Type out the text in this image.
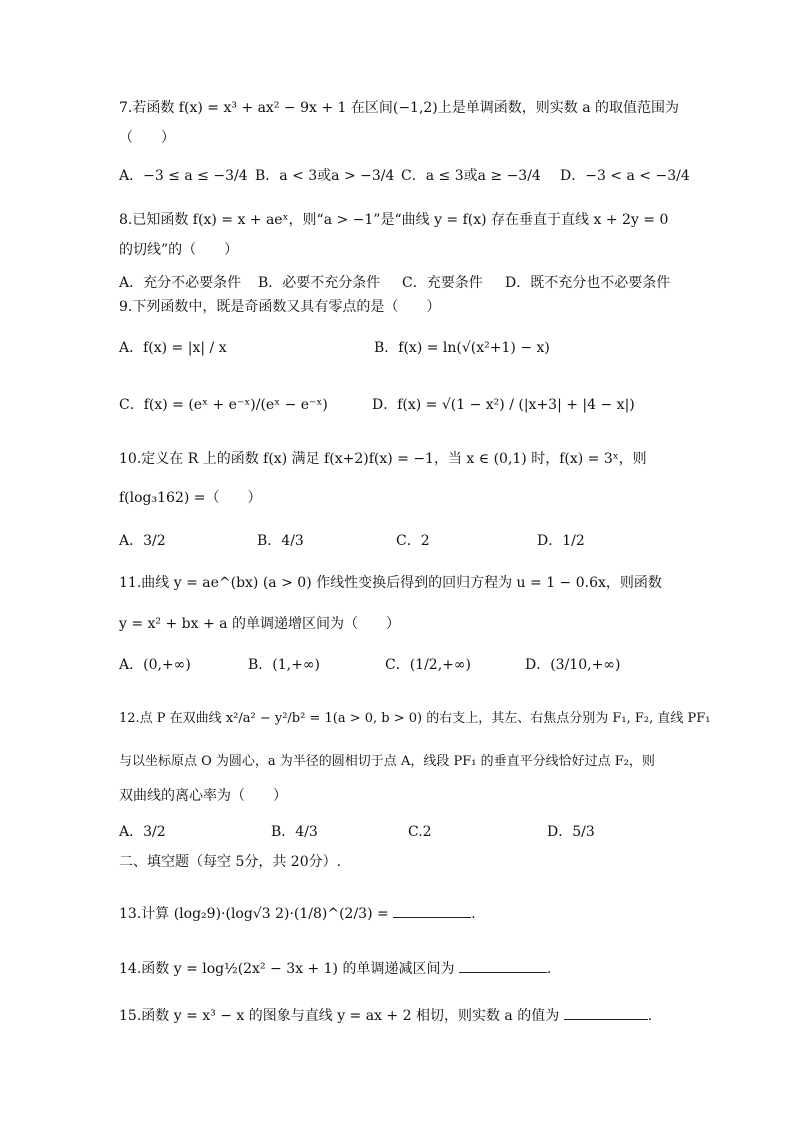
7.若函数 f(x) = x³ + ax² − 9x + 1 在区间(−1,2)上是单调函数，则实数 a 的取值范围为
（　　）
A．−3 ≤ a ≤ −3/4 B．a < 3或a > −3/4 C．a ≤ 3或a ≥ −3/4 D．−3 < a < −3/4
8.已知函数 f(x) = x + aeˣ，则“a > −1”是“曲线 y = f(x) 存在垂直于直线 x + 2y = 0
的切线”的（　　）
A．充分不必要条件 B．必要不充分条件 C．充要条件 D．既不充分也不必要条件
9.下列函数中，既是奇函数又具有零点的是（　　）
A．f(x) = |x| / x	B．f(x) = ln(√(x²+1) − x)
C．f(x) = (eˣ + e⁻ˣ)/(eˣ − e⁻ˣ)	D．f(x) = √(1 − x²) / (|x+3| + |4 − x|)
10.定义在 R 上的函数 f(x) 满足 f(x+2)f(x) = −1，当 x ∈ (0,1) 时，f(x) = 3ˣ，则
f(log₃162) =（　　）
A．3/2	B．4/3	C．2	D．1/2
11.曲线 y = ae^(bx) (a > 0) 作线性变换后得到的回归方程为 u = 1 − 0.6x，则函数
y = x² + bx + a 的单调递增区间为（　　）
A．(0,+∞)	B．(1,+∞)	C．(1/2,+∞)	D．(3/10,+∞)
12.点 P 在双曲线 x²/a² − y²/b² = 1(a > 0, b > 0) 的右支上，其左、右焦点分别为 F₁, F₂, 直线 PF₁
与以坐标原点 O 为圆心，a 为半径的圆相切于点 A，线段 PF₁ 的垂直平分线恰好过点 F₂，则
双曲线的离心率为（　　）
A．3/2	B．4/3	C.2	D．5/3
二、填空题（每空 5分，共 20分）.
13.计算 (log₂9)·(log√3 2)·(1/8)^(2/3) =	.
14.函数 y = log½(2x² − 3x + 1) 的单调递减区间为	.
15.函数 y = x³ − x 的图象与直线 y = ax + 2 相切，则实数 a 的值为	.
